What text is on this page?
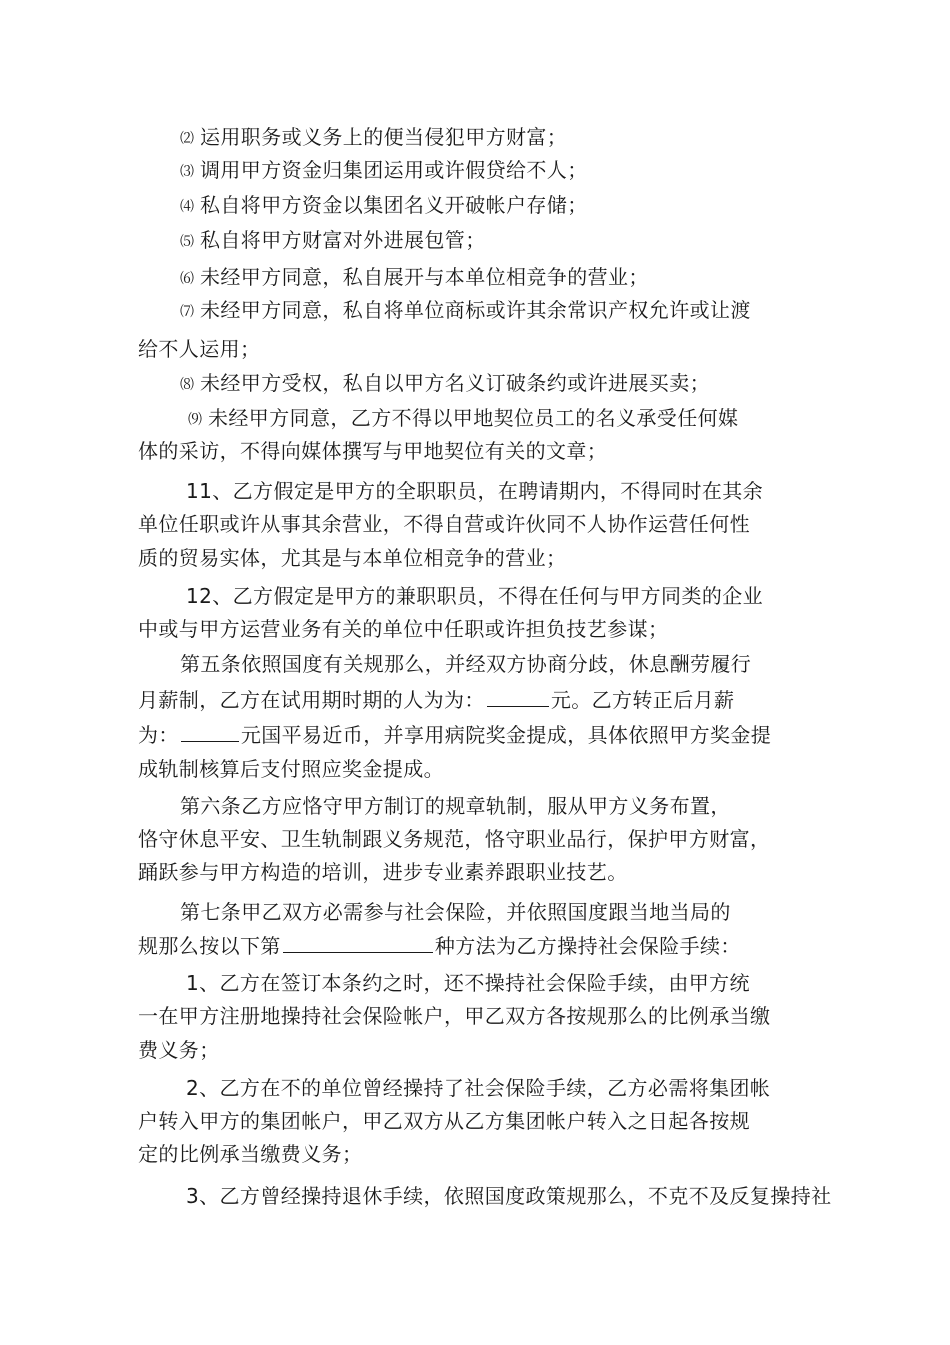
⑵ 运用职务或义务上的便当侵犯甲方财富；
⑶ 调用甲方资金归集团运用或许假贷给不人；
⑷ 私自将甲方资金以集团名义开破帐户存储；
⑸ 私自将甲方财富对外进展包管；
⑹ 未经甲方同意，私自展开与本单位相竞争的营业；
⑺ 未经甲方同意，私自将单位商标或许其余常识产权允许或让渡
给不人运用；
⑻ 未经甲方受权，私自以甲方名义订破条约或许进展买卖；
⑼ 未经甲方同意，乙方不得以甲地契位员工的名义承受任何媒
体的采访，不得向媒体撰写与甲地契位有关的文章；
11、乙方假定是甲方的全职职员，在聘请期内，不得同时在其余
单位任职或许从事其余营业，不得自营或许伙同不人协作运营任何性
质的贸易实体，尤其是与本单位相竞争的营业；
12、乙方假定是甲方的兼职职员，不得在任何与甲方同类的企业
中或与甲方运营业务有关的单位中任职或许担负技艺参谋；
第五条依照国度有关规那么，并经双方协商分歧，休息酬劳履行
月薪制，乙方在试用期时期的人为为：	元。乙方转正后月薪
为：	元国平易近币，并享用病院奖金提成，具体依照甲方奖金提
成轨制核算后支付照应奖金提成。
第六条乙方应恪守甲方制订的规章轨制，服从甲方义务布置，
恪守休息平安、卫生轨制跟义务规范，恪守职业品行，保护甲方财富，
踊跃参与甲方构造的培训，进步专业素养跟职业技艺。
第七条甲乙双方必需参与社会保险，并依照国度跟当地当局的
规那么按以下第	种方法为乙方操持社会保险手续：
1、乙方在签订本条约之时，还不操持社会保险手续，由甲方统
一在甲方注册地操持社会保险帐户，甲乙双方各按规那么的比例承当缴
费义务；
2、乙方在不的单位曾经操持了社会保险手续，乙方必需将集团帐
户转入甲方的集团帐户，甲乙双方从乙方集团帐户转入之日起各按规
定的比例承当缴费义务；
3、乙方曾经操持退休手续，依照国度政策规那么，不克不及反复操持社
